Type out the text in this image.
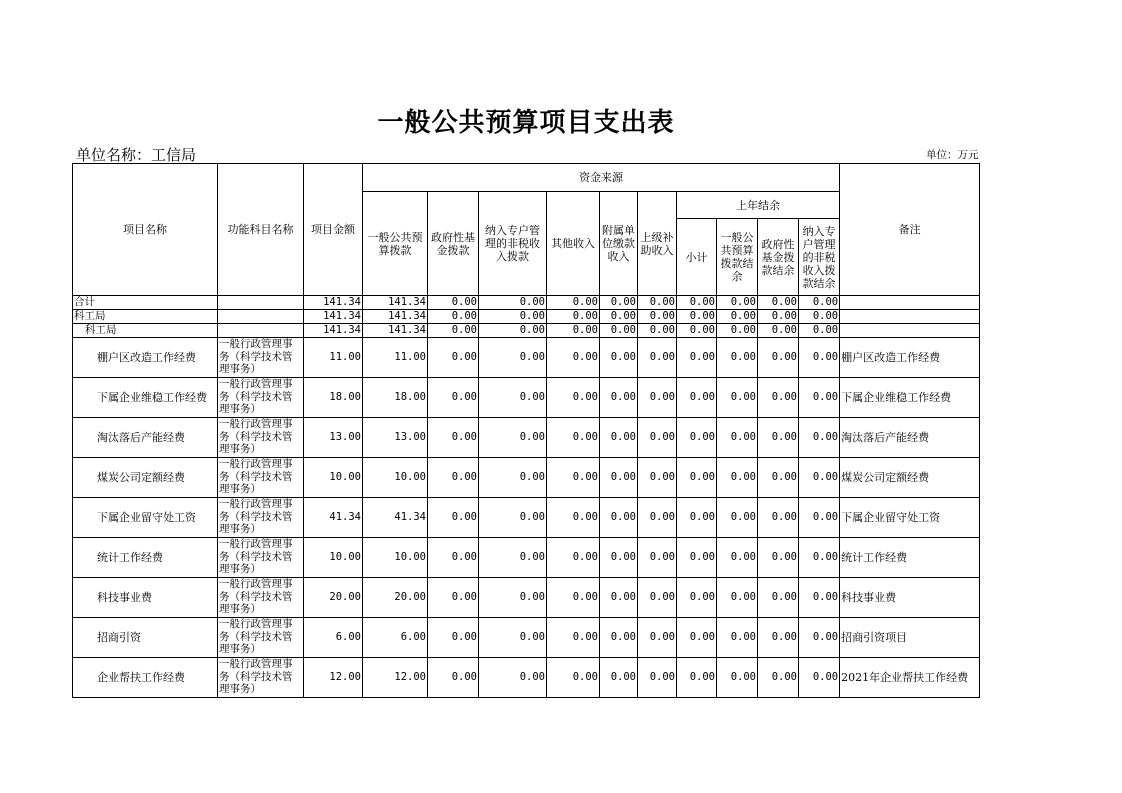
一般公共预算项目支出表
单位名称：工信局	单位：万元
项目名称	功能科目名称	项目金额	资金来源										备注
			一般公共预算拨款	政府性基金拨款	纳入专户管理的非税收入拨款	其他收入	附属单位缴款收入	上级补助收入	上年结余				
									小计	一般公共预算拨款结余	政府性基金拨款结余	纳入专户管理的非税收入拨款结余	
合计		141.34	141.34	0.00	0.00	0.00	0.00	0.00	0.00	0.00	0.00	0.00	
科工局		141.34	141.34	0.00	0.00	0.00	0.00	0.00	0.00	0.00	0.00	0.00	
科工局		141.34	141.34	0.00	0.00	0.00	0.00	0.00	0.00	0.00	0.00	0.00	
棚户区改造工作经费	一般行政管理事务（科学技术管理事务）	11.00	11.00	0.00	0.00	0.00	0.00	0.00	0.00	0.00	0.00	0.00	棚户区改造工作经费
下属企业维稳工作经费	一般行政管理事务（科学技术管理事务）	18.00	18.00	0.00	0.00	0.00	0.00	0.00	0.00	0.00	0.00	0.00	下属企业维稳工作经费
淘汰落后产能经费	一般行政管理事务（科学技术管理事务）	13.00	13.00	0.00	0.00	0.00	0.00	0.00	0.00	0.00	0.00	0.00	淘汰落后产能经费
煤炭公司定额经费	一般行政管理事务（科学技术管理事务）	10.00	10.00	0.00	0.00	0.00	0.00	0.00	0.00	0.00	0.00	0.00	煤炭公司定额经费
下属企业留守处工资	一般行政管理事务（科学技术管理事务）	41.34	41.34	0.00	0.00	0.00	0.00	0.00	0.00	0.00	0.00	0.00	下属企业留守处工资
统计工作经费	一般行政管理事务（科学技术管理事务）	10.00	10.00	0.00	0.00	0.00	0.00	0.00	0.00	0.00	0.00	0.00	统计工作经费
科技事业费	一般行政管理事务（科学技术管理事务）	20.00	20.00	0.00	0.00	0.00	0.00	0.00	0.00	0.00	0.00	0.00	科技事业费
招商引资	一般行政管理事务（科学技术管理事务）	6.00	6.00	0.00	0.00	0.00	0.00	0.00	0.00	0.00	0.00	0.00	招商引资项目
企业帮扶工作经费	一般行政管理事务（科学技术管理事务）	12.00	12.00	0.00	0.00	0.00	0.00	0.00	0.00	0.00	0.00	0.00	2021年企业帮扶工作经费
